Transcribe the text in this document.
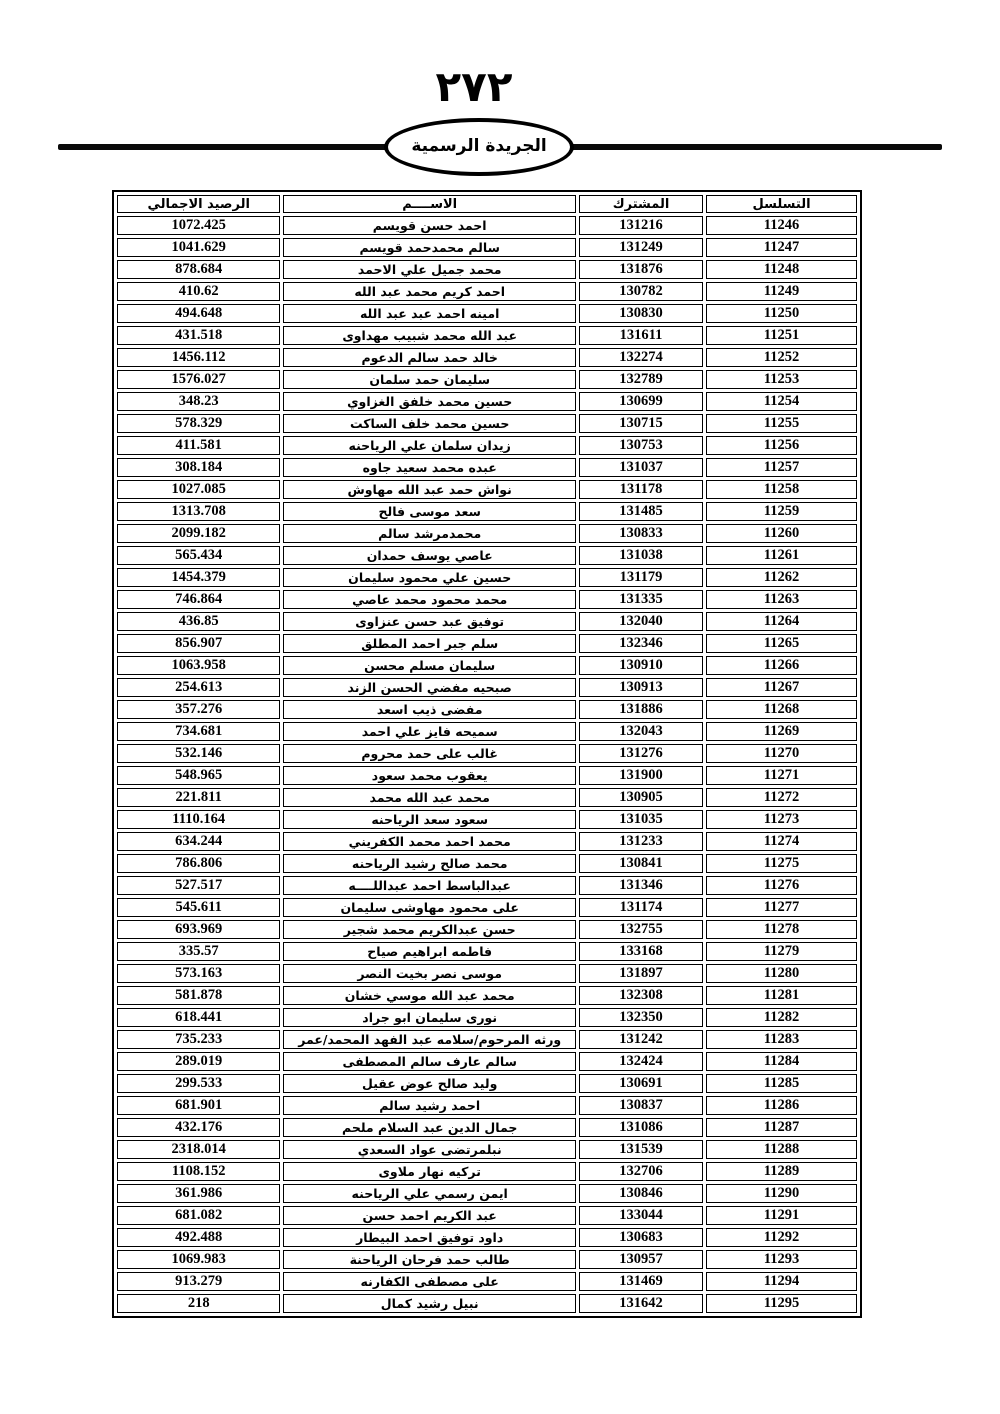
٢٧٢
الجريدة الرسمية
التسلسل	المشترك	الاســــم	الرصيد الاجمالي
11246	131216	احمد حسن قويسم	1072.425
11247	131249	سالم محمدحمد قويسم	1041.629
11248	131876	محمد جميل علي الاحمد	878.684
11249	130782	احمد كريم محمد عبد الله	410.62
11250	130830	امينه احمد عبد عبد الله	494.648
11251	131611	عبد الله محمد شبيب مهداوى	431.518
11252	132274	خالد حمد سالم الدعوم	1456.112
11253	132789	سليمان حمد سلمان	1576.027
11254	130699	حسين محمد خلفق الغزاوي	348.23
11255	130715	حسين محمد خلف الساكت	578.329
11256	130753	زيدان سلمان علي الرياحنه	411.581
11257	131037	عبده محمد سعيد جاوه	308.184
11258	131178	نواش حمد عبد الله مهاوش	1027.085
11259	131485	سعد موسى فالح	1313.708
11260	130833	محمدمرشد سالم	2099.182
11261	131038	عاصي يوسف حمدان	565.434
11262	131179	حسين علي محمود سليمان	1454.379
11263	131335	محمد محمود محمد عاصي	746.864
11264	132040	توفيق عبد حسن عنزاوى	436.85
11265	132346	سلم جبر احمد المطلق	856.907
11266	130910	سليمان مسلم محسن	1063.958
11267	130913	صبحيه مفضي الحسن الزند	254.613
11268	131886	مفضى ذيب اسعد	357.276
11269	132043	سميحه فايز علي احمد	734.681
11270	131276	غالب على حمد محروم	532.146
11271	131900	يعقوب محمد سعود	548.965
11272	130905	محمد عبد الله محمد	221.811
11273	131035	سعود سعد الرياحنه	1110.164
11274	131233	محمد احمد محمد الكفريني	634.244
11275	130841	محمد صالح رشيد الرياحنه	786.806
11276	131346	عبدالباسط احمد عبداللــــه	527.517
11277	131174	على محمود مهاوشى سليمان	545.611
11278	132755	حسن عبدالكريم محمد شجير	693.969
11279	133168	فاطمه ابراهيم صياح	335.57
11280	131897	موسى نصر بخيت النصر	573.163
11281	132308	محمد عبد الله موسي خشان	581.878
11282	132350	نورى سليمان ابو جراد	618.441
11283	131242	ورثه المرحوم/سلامه عبد الفهد المحمد/عمر	735.233
11284	132424	سالم عارف سالم المصطفى	289.019
11285	130691	وليد صالح عوض عقيل	299.533
11286	130837	احمد رشيد سالم	681.901
11287	131086	جمال الدين عبد السلام ملحم	432.176
11288	131539	نبلمرتضى عواد السعدي	2318.014
11289	132706	تركيه نهار ملاوى	1108.152
11290	130846	ايمن رسمي علي الرياحنه	361.986
11291	133044	عبد الكريم احمد حسن	681.082
11292	130683	داود توفيق احمد البيطار	492.488
11293	130957	طالب حمد فرحان الرياحنة	1069.983
11294	131469	على مصطفى الكفارنه	913.279
11295	131642	نبيل رشيد كمال	218
